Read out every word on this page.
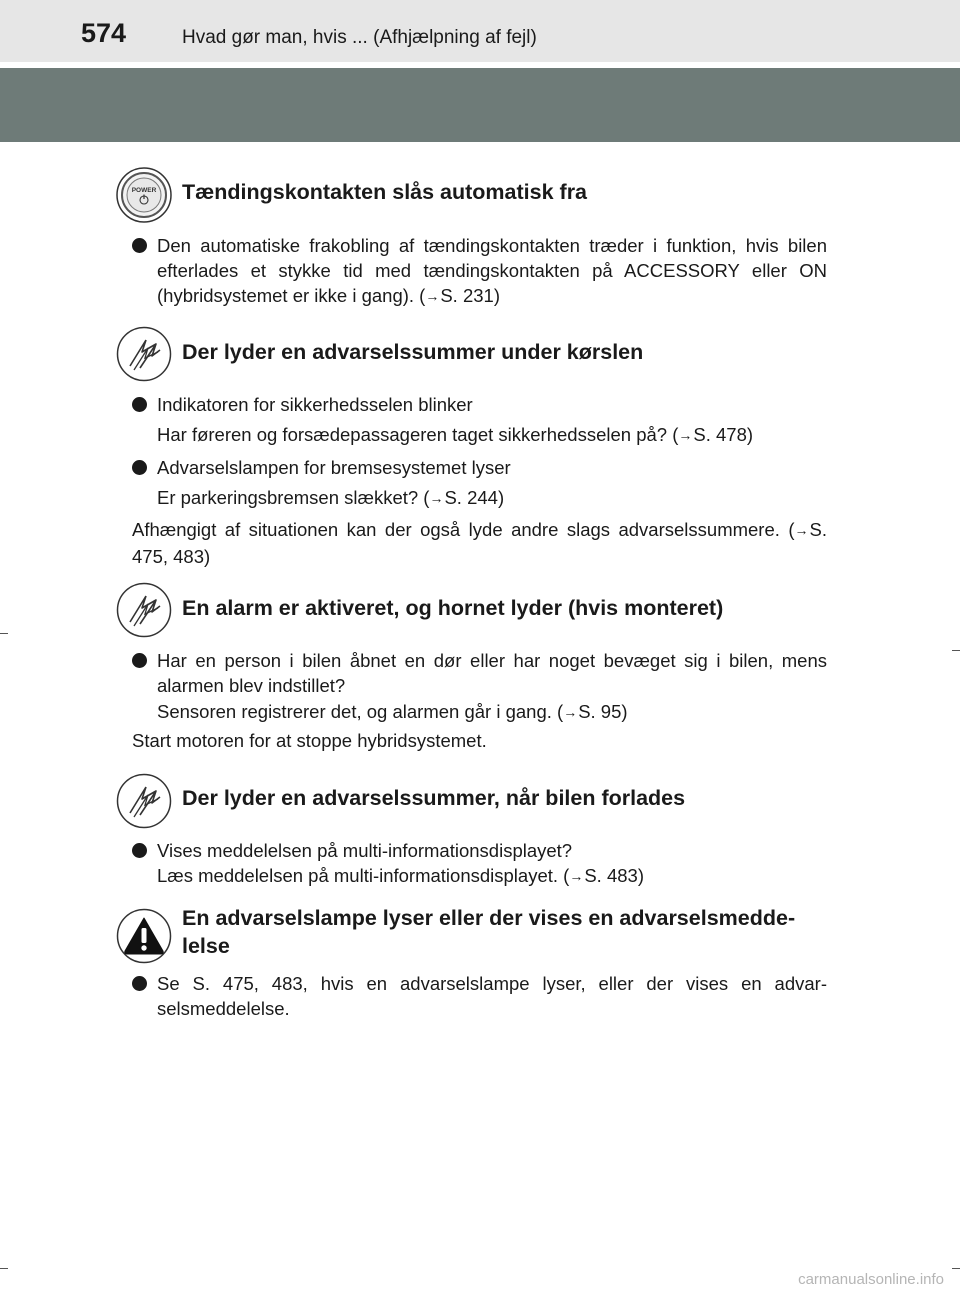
574	Hvad gør man, hvis ... (Afhjælpning af fejl)
POWER Tændingskontakten slås automatisk fra
Den automatiske frakobling af tændingskontakten træder i funktion, hvis bilen efterlades et stykke tid med tændingskontakten på ACCESSORY eller ON (hybridsystemet er ikke i gang). (→S. 231)
Der lyder en advarselssummer under kørslen
Indikatoren for sikkerhedsselen blinker
Har føreren og forsædepassageren taget sikkerhedsselen på? (→S. 478)
Advarselslampen for bremsesystemet lyser
Er parkeringsbremsen slækket? (→S. 244)
Afhængigt af situationen kan der også lyde andre slags advarselssummere. (→S. 475, 483)
En alarm er aktiveret, og hornet lyder (hvis monteret)
Har en person i bilen åbnet en dør eller har noget bevæget sig i bilen, mens alarmen blev indstillet?
Sensoren registrerer det, og alarmen går i gang. (→S. 95)
Start motoren for at stoppe hybridsystemet.
Der lyder en advarselssummer, når bilen forlades
Vises meddelelsen på multi-informationsdisplayet?
Læs meddelelsen på multi-informationsdisplayet. (→S. 483)
En advarselslampe lyser eller der vises en advarselsmedde-
lelse
Se S. 475, 483, hvis en advarselslampe lyser, eller der vises en advar-selsmeddelelse.
carmanualsonline.info
